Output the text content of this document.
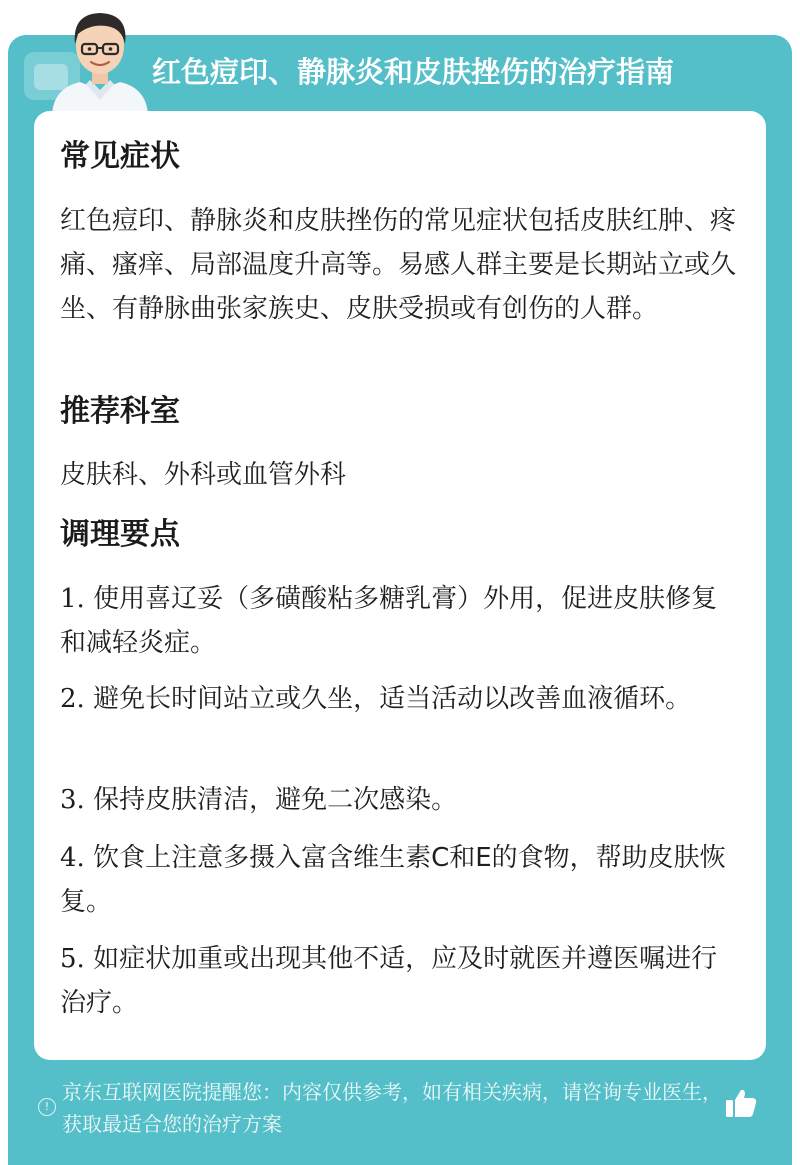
红色痘印、静脉炎和皮肤挫伤的治疗指南
常见症状
红色痘印、静脉炎和皮肤挫伤的常见症状包括皮肤红肿、疼痛、瘙痒、局部温度升高等。易感人群主要是长期站立或久坐、有静脉曲张家族史、皮肤受损或有创伤的人群。
推荐科室
皮肤科、外科或血管外科
调理要点
1. 使用喜辽妥（多磺酸粘多糖乳膏）外用，促进皮肤修复和减轻炎症。
2. 避免长时间站立或久坐，适当活动以改善血液循环。
3. 保持皮肤清洁，避免二次感染。
4. 饮食上注意多摄入富含维生素C和E的食物，帮助皮肤恢复。
5. 如症状加重或出现其他不适，应及时就医并遵医嘱进行治疗。
!
京东互联网医院提醒您：内容仅供参考，如有相关疾病，请咨询专业医生，获取最适合您的治疗方案
